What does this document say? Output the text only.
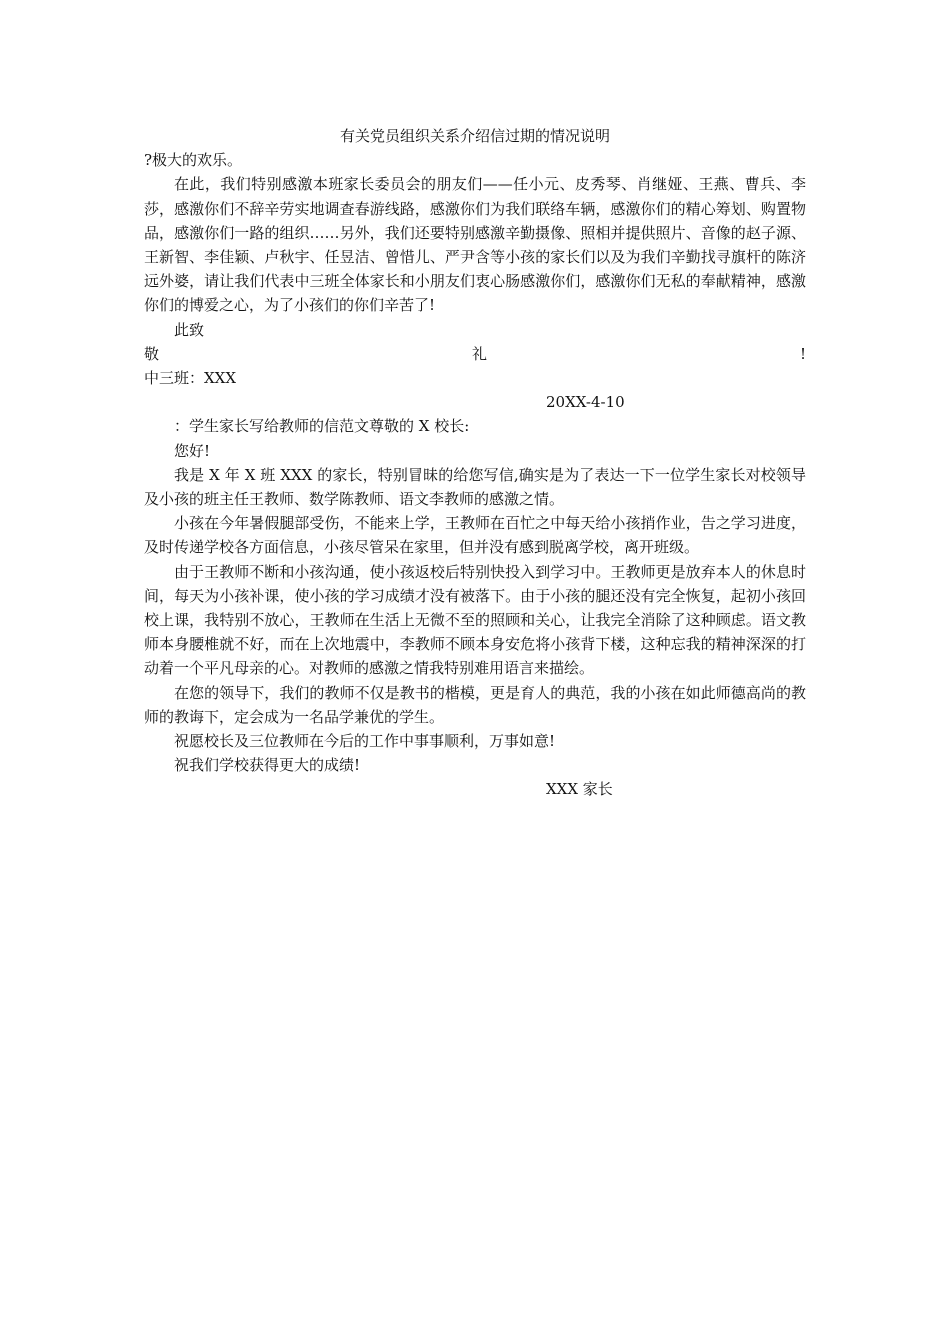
有关党员组织关系介绍信过期的情况说明

?极大的欢乐。

在此，我们特别感激本班家长委员会的朋友们——任小元、皮秀琴、肖继娅、王燕、曹兵、李莎，感激你们不辞辛劳实地调查春游线路，感激你们为我们联络车辆，感激你们的精心筹划、购置物品，感激你们一路的组织……另外，我们还要特别感激辛勤摄像、照相并提供照片、音像的赵子源、王新智、李佳颖、卢秋宇、任昱洁、曾惜儿、严尹含等小孩的家长们以及为我们辛勤找寻旗杆的陈济远外婆，请让我们代表中三班全体家长和小朋友们衷心肠感激你们，感激你们无私的奉献精神，感激你们的博爱之心，为了小孩们的你们辛苦了!

此致

敬	礼	!

中三班：XXX

20XX-4-10

：学生家长写给教师的信范文尊敬的 X 校长:

您好!

我是 X 年 X 班 XXX 的家长，特别冒昧的给您写信,确实是为了表达一下一位学生家长对校领导及小孩的班主任王教师、数学陈教师、语文李教师的感激之情。

小孩在今年暑假腿部受伤，不能来上学，王教师在百忙之中每天给小孩捎作业，告之学习进度，及时传递学校各方面信息，小孩尽管呆在家里，但并没有感到脱离学校，离开班级。

由于王教师不断和小孩沟通，使小孩返校后特别快投入到学习中。王教师更是放弃本人的休息时间，每天为小孩补课，使小孩的学习成绩才没有被落下。由于小孩的腿还没有完全恢复，起初小孩回校上课，我特别不放心，王教师在生活上无微不至的照顾和关心，让我完全消除了这种顾虑。语文教师本身腰椎就不好，而在上次地震中，李教师不顾本身安危将小孩背下楼，这种忘我的精神深深的打动着一个平凡母亲的心。对教师的感激之情我特别难用语言来描绘。

在您的领导下，我们的教师不仅是教书的楷模，更是育人的典范，我的小孩在如此师德高尚的教师的教诲下，定会成为一名品学兼优的学生。

祝愿校长及三位教师在今后的工作中事事顺利，万事如意!

祝我们学校获得更大的成绩!

XXX 家长
